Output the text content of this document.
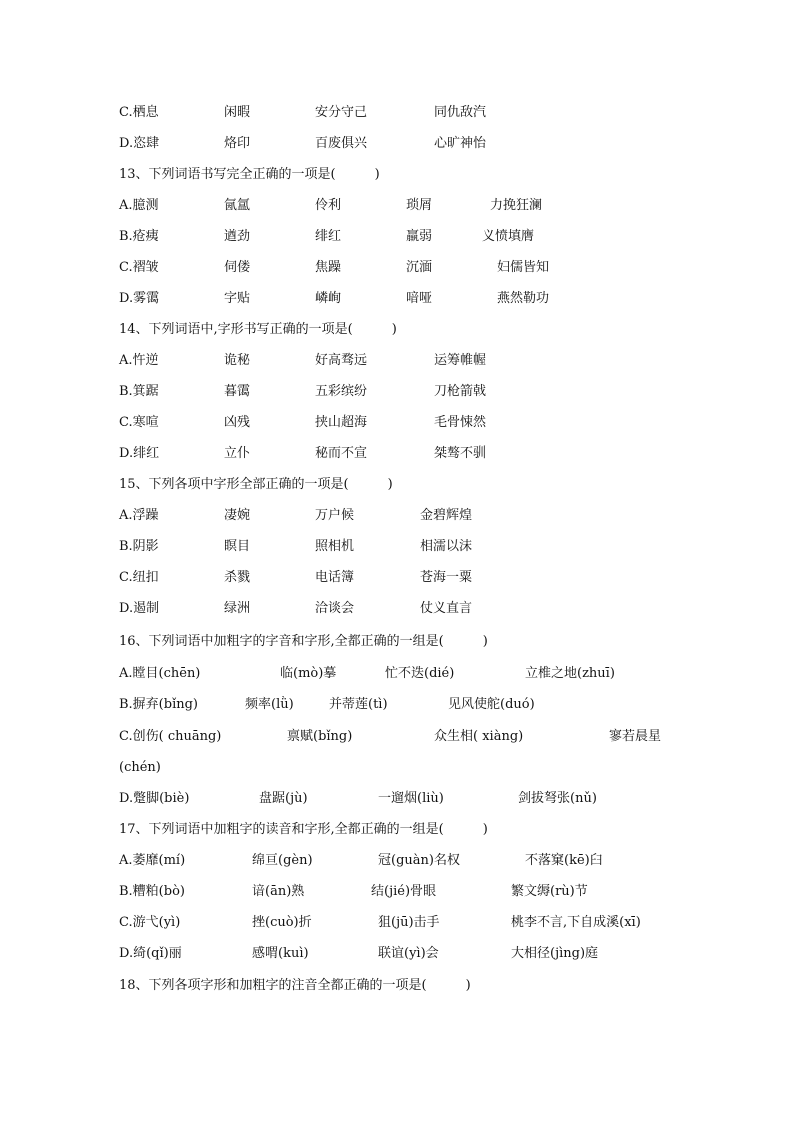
C.栖息	闲暇	安分守己	同仇敌汽
D.恣肆	烙印	百废俱兴	心旷神怡
13、下列词语书写完全正确的一项是(　　　)
A.臆测	氤氲	伶利	琐屑	力挽狂澜
B.疮痍	遒劲	绯红	羸弱	义愤填膺
C.褶皱	伺偻	焦躁	沉湎	妇儒皆知
D.雾霭	字贴	嶙峋	喑哑	燕然勒功
14、下列词语中,字形书写正确的一项是(　　　)
A.忤逆	诡秘	好高骛远	运筹帷幄
B.箕踞	暮霭	五彩缤纷	刀枪箭戟
C.寒喧	凶残	挟山超海	毛骨悚然
D.绯红	立仆	秘而不宣	桀骜不驯
15、下列各项中字形全部正确的一项是(　　　)
A.浮躁	凄婉	万户候	金碧辉煌
B.阴影	瞑目	照相机	相濡以沫
C.纽扣	杀戮	电话簿	苍海一粟
D.遏制	绿洲	洽谈会	仗义直言
16、下列词语中加粗字的字音和字形,全都正确的一组是(　　　)
A.瞠目(chēn)	临(mò)摹	忙不迭(dié)	立椎之地(zhuī)
B.摒弃(bǐng)	频率(lǜ)	并蒂莲(tì)	见风使舵(duó)
C.创伤( chuāng)	禀赋(bǐng)	众生相( xiàng)	寥若晨星
(chén)
D.蹩脚(biè)	盘踞(jù)	一遛烟(liù)	剑拔弩张(nǔ)
17、下列词语中加粗字的读音和字形,全都正确的一组是(　　　)
A.萎靡(mí)	绵亘(gèn)	冠(guàn)名权	不落窠(kē)臼
B.糟粕(bò)	谙(ān)熟	结(jié)骨眼	繁文缛(rù)节
C.游弋(yì)	挫(cuò)折	狙(jū)击手	桃李不言,下自成溪(xī)
D.绮(qǐ)丽	感喟(kuì)	联谊(yì)会	大相径(jìng)庭
18、下列各项字形和加粗字的注音全都正确的一项是(　　　)
